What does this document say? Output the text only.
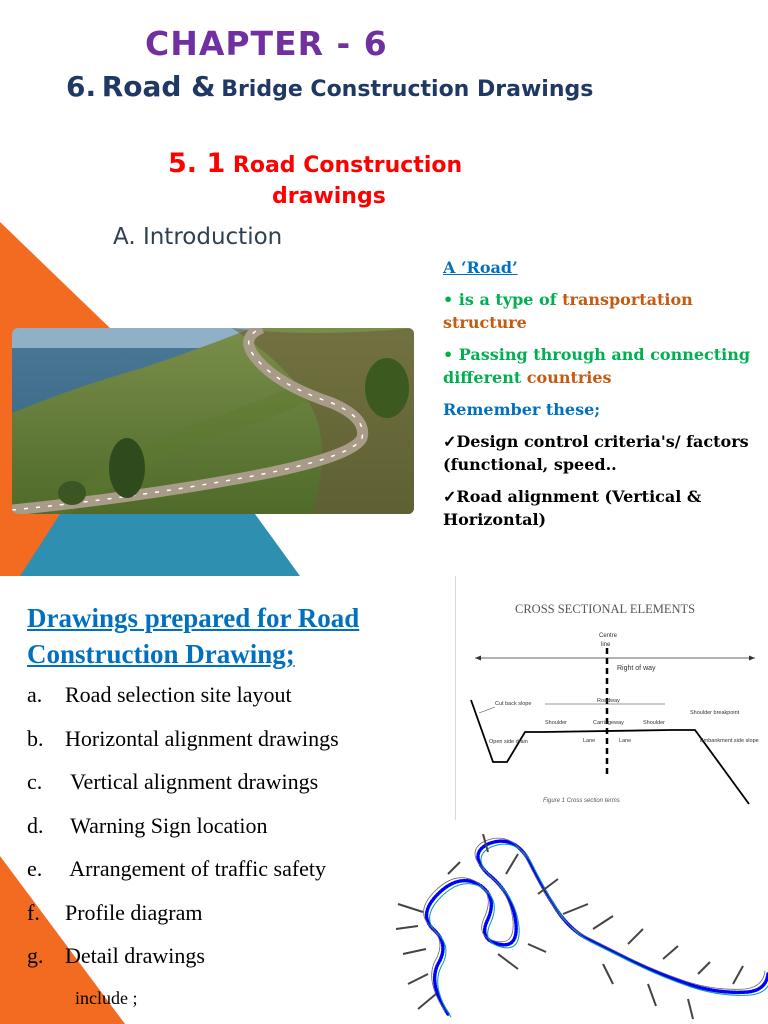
CHAPTER - 6
6. Road & Bridge Construction Drawings
5. 1 Road Construction
drawings
A. Introduction

A ‘Road’

• is a type of transportation structure

• Passing through and connecting different countries

Remember these;

✓Design control criteria's/ factors (functional, speed..

✓Road alignment (Vertical & Horizontal)

Drawings prepared for Road Construction Drawing;
a. Road selection site layout
b. Horizontal alignment drawings
c. Vertical alignment drawings
d. Warning Sign location
e. Arrangement of traffic safety
f. Profile diagram
g. Detail drawings
include ;
CROSS SECTIONAL ELEMENTS
Centre
line
Right of way
Cut back slope	Roadway
Shoulder breakpoint
Shoulder	Carriageway	Shoulder
Open side drain	Lane	Lane	Embankment side slope
Figure 1 Cross section terms
